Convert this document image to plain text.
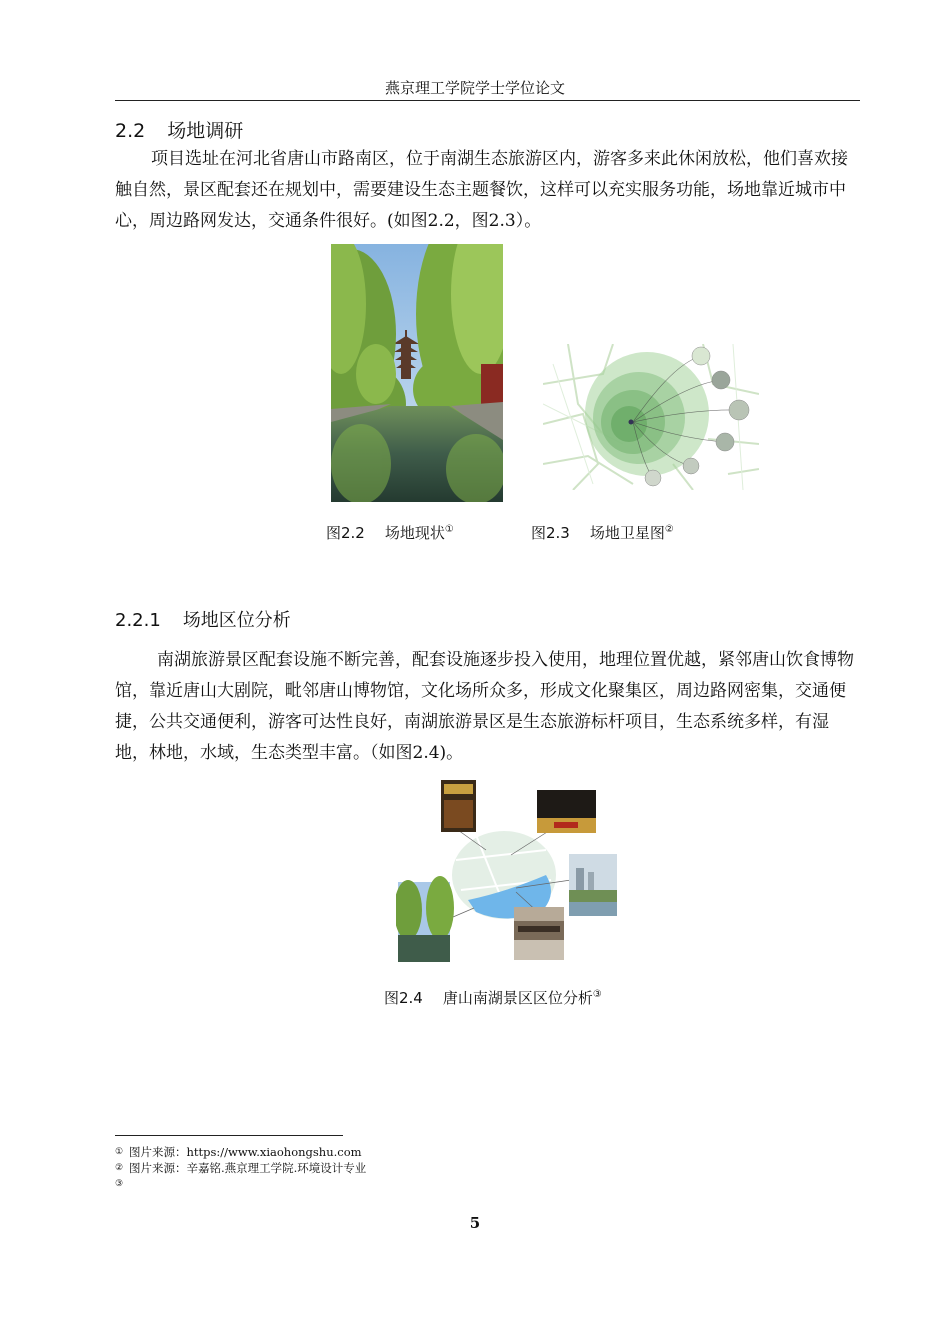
燕京理工学院学士学位论文
2.2 场地调研

项目选址在河北省唐山市路南区，位于南湖生态旅游区内，游客多来此休闲放松，他们喜欢接触自然，景区配套还在规划中，需要建设生态主题餐饮，这样可以充实服务功能，场地靠近城市中心，周边路网发达，交通条件很好。(如图2.2，图2.3）。

图2.2 场地现状①	图2.3 场地卫星图②
2.2.1 场地区位分析

南湖旅游景区配套设施不断完善，配套设施逐步投入使用，地理位置优越，紧邻唐山饮食博物馆，靠近唐山大剧院，毗邻唐山博物馆，文化场所众多，形成文化聚集区，周边路网密集，交通便捷，公共交通便利，游客可达性良好，南湖旅游景区是生态旅游标杆项目，生态系统多样，有湿地，林地，水域，生态类型丰富。（如图2.4)。

图2.4 唐山南湖景区区位分析③
① 图片来源：https://www.xiaohongshu.com
② 图片来源：辛嘉铭.燕京理工学院.环境设计专业
③
5
